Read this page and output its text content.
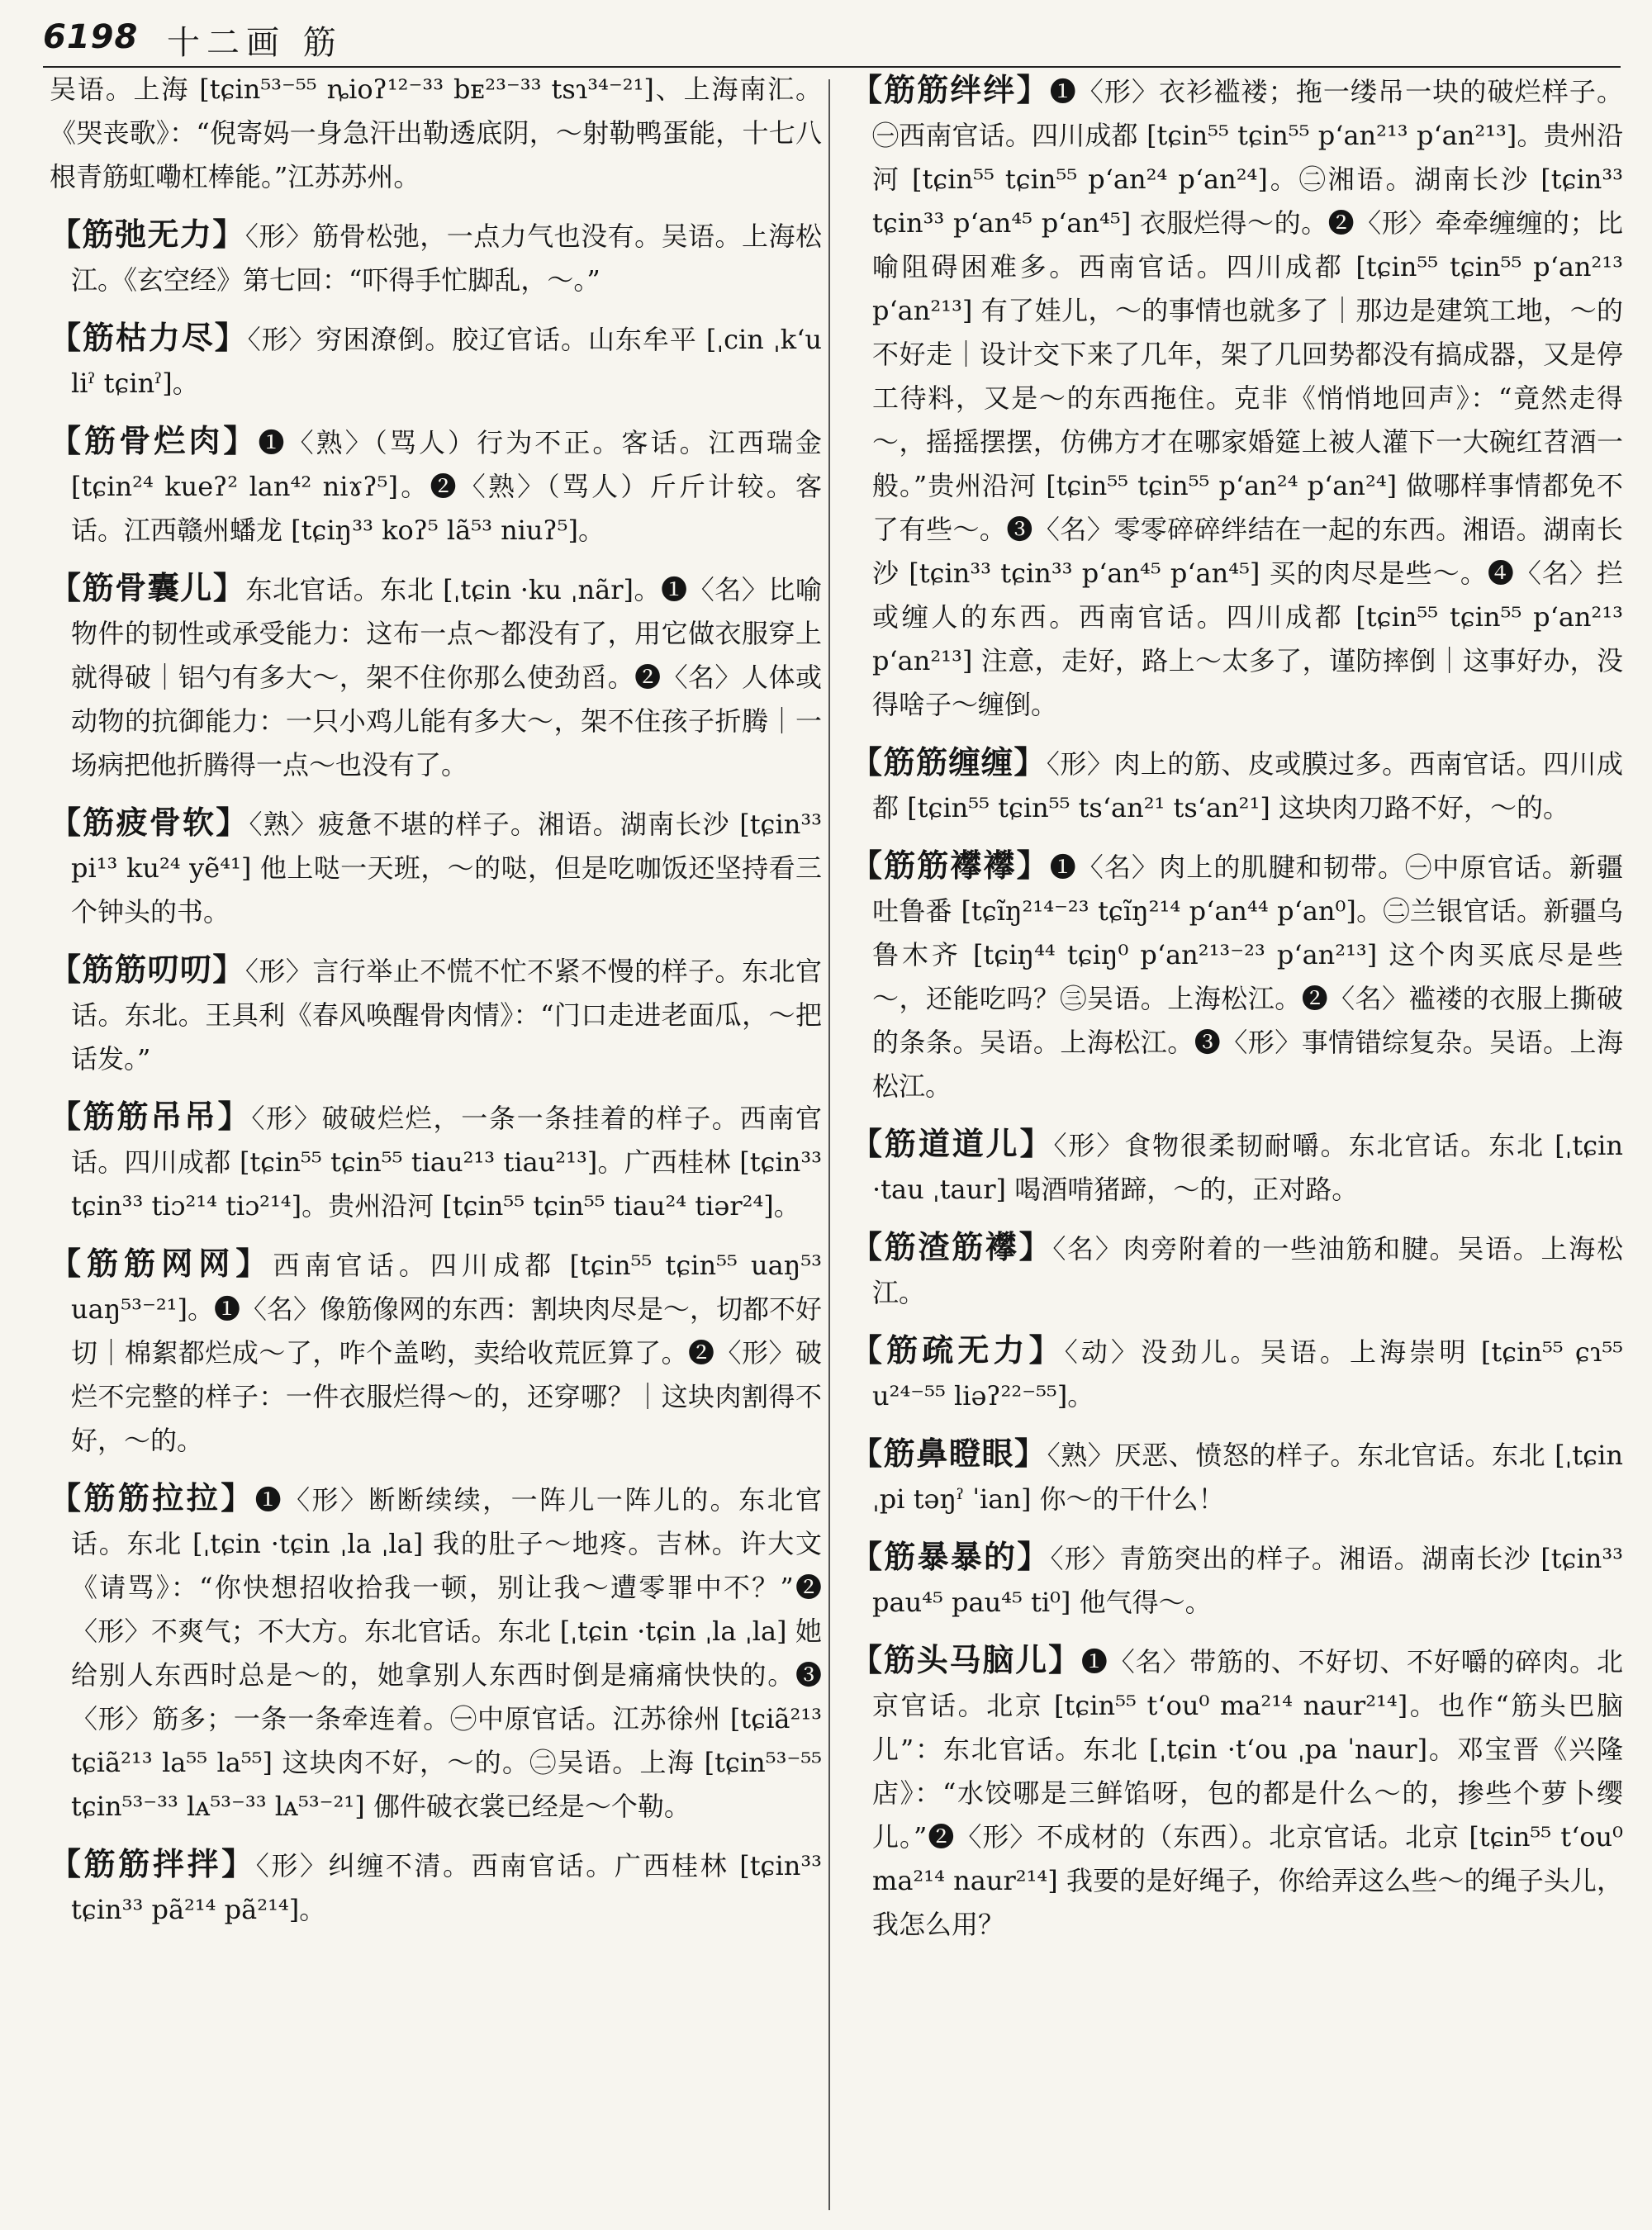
6198 十二画 筋

吴语。上海 [tɕin⁵³⁻⁵⁵ ȵioʔ¹²⁻³³ bᴇ²³⁻³³ tsɿ³⁴⁻²¹]、上海南汇。《哭丧歌》：“倪寄妈一身急汗出勒透底阴，～射勒鸭蛋能，十七八根青筋虹嘞杠棒能。”江苏苏州。

【筋弛无力】〈形〉筋骨松弛，一点力气也没有。吴语。上海松江。《玄空经》第七回：“吓得手忙脚乱，～。”

【筋枯力尽】〈形〉穷困潦倒。胶辽官话。山东牟平 [ˌcin ˌk‘u liˀ tɕinˀ]。

【筋骨烂肉】❶〈熟〉（骂人）行为不正。客话。江西瑞金 [tɕin²⁴ kueʔ² lan⁴² niɤʔ⁵]。❷〈熟〉（骂人）斤斤计较。客话。江西赣州蟠龙 [tɕiŋ³³ koʔ⁵ lã⁵³ niuʔ⁵]。

【筋骨囊儿】东北官话。东北 [ˌtɕin ·ku ˌnãr]。❶〈名〉比喻物件的韧性或承受能力：这布一点～都没有了，用它做衣服穿上就得破｜铝勺有多大～，架不住你那么使劲舀。❷〈名〉人体或动物的抗御能力：一只小鸡儿能有多大～，架不住孩子折腾｜一场病把他折腾得一点～也没有了。

【筋疲骨软】〈熟〉疲惫不堪的样子。湘语。湖南长沙 [tɕin³³ pi¹³ ku²⁴ yẽ⁴¹] 他上哒一天班，～的哒，但是吃咖饭还坚持看三个钟头的书。

【筋筋叨叨】〈形〉言行举止不慌不忙不紧不慢的样子。东北官话。东北。王具利《春风唤醒骨肉情》：“门口走进老面瓜，～把话发。”

【筋筋吊吊】〈形〉破破烂烂，一条一条挂着的样子。西南官话。四川成都 [tɕin⁵⁵ tɕin⁵⁵ tiau²¹³ tiau²¹³]。广西桂林 [tɕin³³ tɕin³³ tiɔ²¹⁴ tiɔ²¹⁴]。贵州沿河 [tɕin⁵⁵ tɕin⁵⁵ tiau²⁴ tiər²⁴]。

【筋筋网网】西南官话。四川成都 [tɕin⁵⁵ tɕin⁵⁵ uaŋ⁵³ uaŋ⁵³⁻²¹]。❶〈名〉像筋像网的东西：割块肉尽是～，切都不好切｜棉絮都烂成～了，咋个盖哟，卖给收荒匠算了。❷〈形〉破烂不完整的样子：一件衣服烂得～的，还穿哪？｜这块肉割得不好，～的。

【筋筋拉拉】❶〈形〉断断续续，一阵儿一阵儿的。东北官话。东北 [ˌtɕin ·tɕin ˌla ˌla] 我的肚子～地疼。吉林。许大文《请骂》：“你快想招收拾我一顿，别让我～遭零罪中不？”❷〈形〉不爽气；不大方。东北官话。东北 [ˌtɕin ·tɕin ˌla ˌla] 她给别人东西时总是～的，她拿别人东西时倒是痛痛快快的。❸〈形〉筋多；一条一条牵连着。㊀中原官话。江苏徐州 [tɕiã²¹³ tɕiã²¹³ la⁵⁵ la⁵⁵] 这块肉不好，～的。㊁吴语。上海 [tɕin⁵³⁻⁵⁵ tɕin⁵³⁻³³ lᴀ⁵³⁻³³ lᴀ⁵³⁻²¹] 㑚件破衣裳已经是～个勒。

【筋筋拌拌】〈形〉纠缠不清。西南官话。广西桂林 [tɕin³³ tɕin³³ pã²¹⁴ pã²¹⁴]。

【筋筋绊绊】❶〈形〉衣衫褴褛；拖一缕吊一块的破烂样子。㊀西南官话。四川成都 [tɕin⁵⁵ tɕin⁵⁵ p‘an²¹³ p‘an²¹³]。贵州沿河 [tɕin⁵⁵ tɕin⁵⁵ p‘an²⁴ p‘an²⁴]。㊁湘语。湖南长沙 [tɕin³³ tɕin³³ p‘an⁴⁵ p‘an⁴⁵] 衣服烂得～的。❷〈形〉牵牵缠缠的；比喻阻碍困难多。西南官话。四川成都 [tɕin⁵⁵ tɕin⁵⁵ p‘an²¹³ p‘an²¹³] 有了娃儿，～的事情也就多了｜那边是建筑工地，～的不好走｜设计交下来了几年，架了几回势都没有搞成器，又是停工待料，又是～的东西拖住。克非《悄悄地回声》：“竟然走得～，摇摇摆摆，仿佛方才在哪家婚筵上被人灌下一大碗红苕酒一般。”贵州沿河 [tɕin⁵⁵ tɕin⁵⁵ p‘an²⁴ p‘an²⁴] 做哪样事情都免不了有些～。❸〈名〉零零碎碎绊结在一起的东西。湘语。湖南长沙 [tɕin³³ tɕin³³ p‘an⁴⁵ p‘an⁴⁵] 买的肉尽是些～。❹〈名〉拦或缠人的东西。西南官话。四川成都 [tɕin⁵⁵ tɕin⁵⁵ p‘an²¹³ p‘an²¹³] 注意，走好，路上～太多了，谨防摔倒｜这事好办，没得啥子～缠倒。

【筋筋缠缠】〈形〉肉上的筋、皮或膜过多。西南官话。四川成都 [tɕin⁵⁵ tɕin⁵⁵ ts‘an²¹ ts‘an²¹] 这块肉刀路不好，～的。

【筋筋襻襻】❶〈名〉肉上的肌腱和韧带。㊀中原官话。新疆吐鲁番 [tɕĩŋ²¹⁴⁻²³ tɕĩŋ²¹⁴ p‘an⁴⁴ p‘an⁰]。㊁兰银官话。新疆乌鲁木齐 [tɕiŋ⁴⁴ tɕiŋ⁰ p‘an²¹³⁻²³ p‘an²¹³] 这个肉买底尽是些～，还能吃吗？㊂吴语。上海松江。❷〈名〉褴褛的衣服上撕破的条条。吴语。上海松江。❸〈形〉事情错综复杂。吴语。上海松江。

【筋道道儿】〈形〉食物很柔韧耐嚼。东北官话。东北 [ˌtɕin ·tau ˌtaur] 喝酒啃猪蹄，～的，正对路。

【筋渣筋襻】〈名〉肉旁附着的一些油筋和腱。吴语。上海松江。

【筋疏无力】〈动〉没劲儿。吴语。上海崇明 [tɕin⁵⁵ ɕɿ⁵⁵ u²⁴⁻⁵⁵ liəʔ²²⁻⁵⁵]。

【筋鼻瞪眼】〈熟〉厌恶、愤怒的样子。东北官话。东北 [ˌtɕin ˌpi təŋˀ ˈian] 你～的干什么！

【筋暴暴的】〈形〉青筋突出的样子。湘语。湖南长沙 [tɕin³³ pau⁴⁵ pau⁴⁵ ti⁰] 他气得～。

【筋头马脑儿】❶〈名〉带筋的、不好切、不好嚼的碎肉。北京官话。北京 [tɕin⁵⁵ t‘ou⁰ ma²¹⁴ naur²¹⁴]。也作“筋头巴脑儿”：东北官话。东北 [ˌtɕin ·t‘ou ˌpa ˈnaur]。邓宝晋《兴隆店》：“水饺哪是三鲜馅呀，包的都是什么～的，掺些个萝卜缨儿。”❷〈形〉不成材的（东西）。北京官话。北京 [tɕin⁵⁵ t‘ou⁰ ma²¹⁴ naur²¹⁴] 我要的是好绳子，你给弄这么些～的绳子头儿，我怎么用？
